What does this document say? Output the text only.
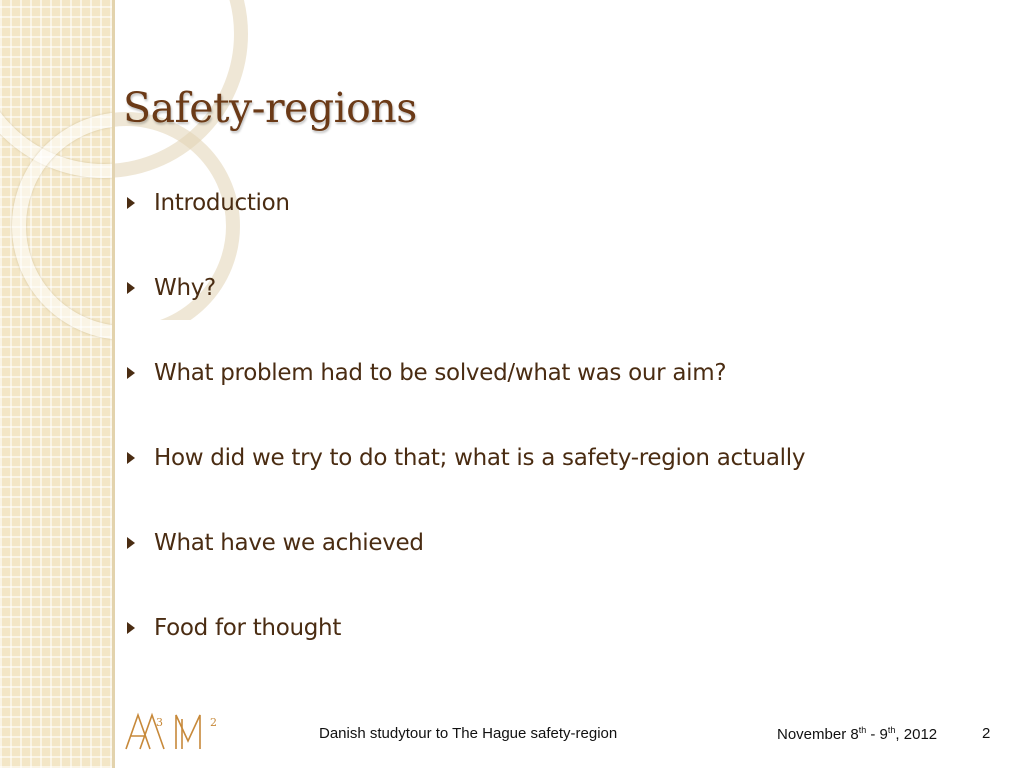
Safety-regions
Introduction
Why?
What problem had to be solved/what was our aim?
How did we try to do that; what is a safety-region actually
What have we achieved
Food for thought
3	2
Danish studytour to The Hague safety-region	November 8th - 9th, 2012	2
